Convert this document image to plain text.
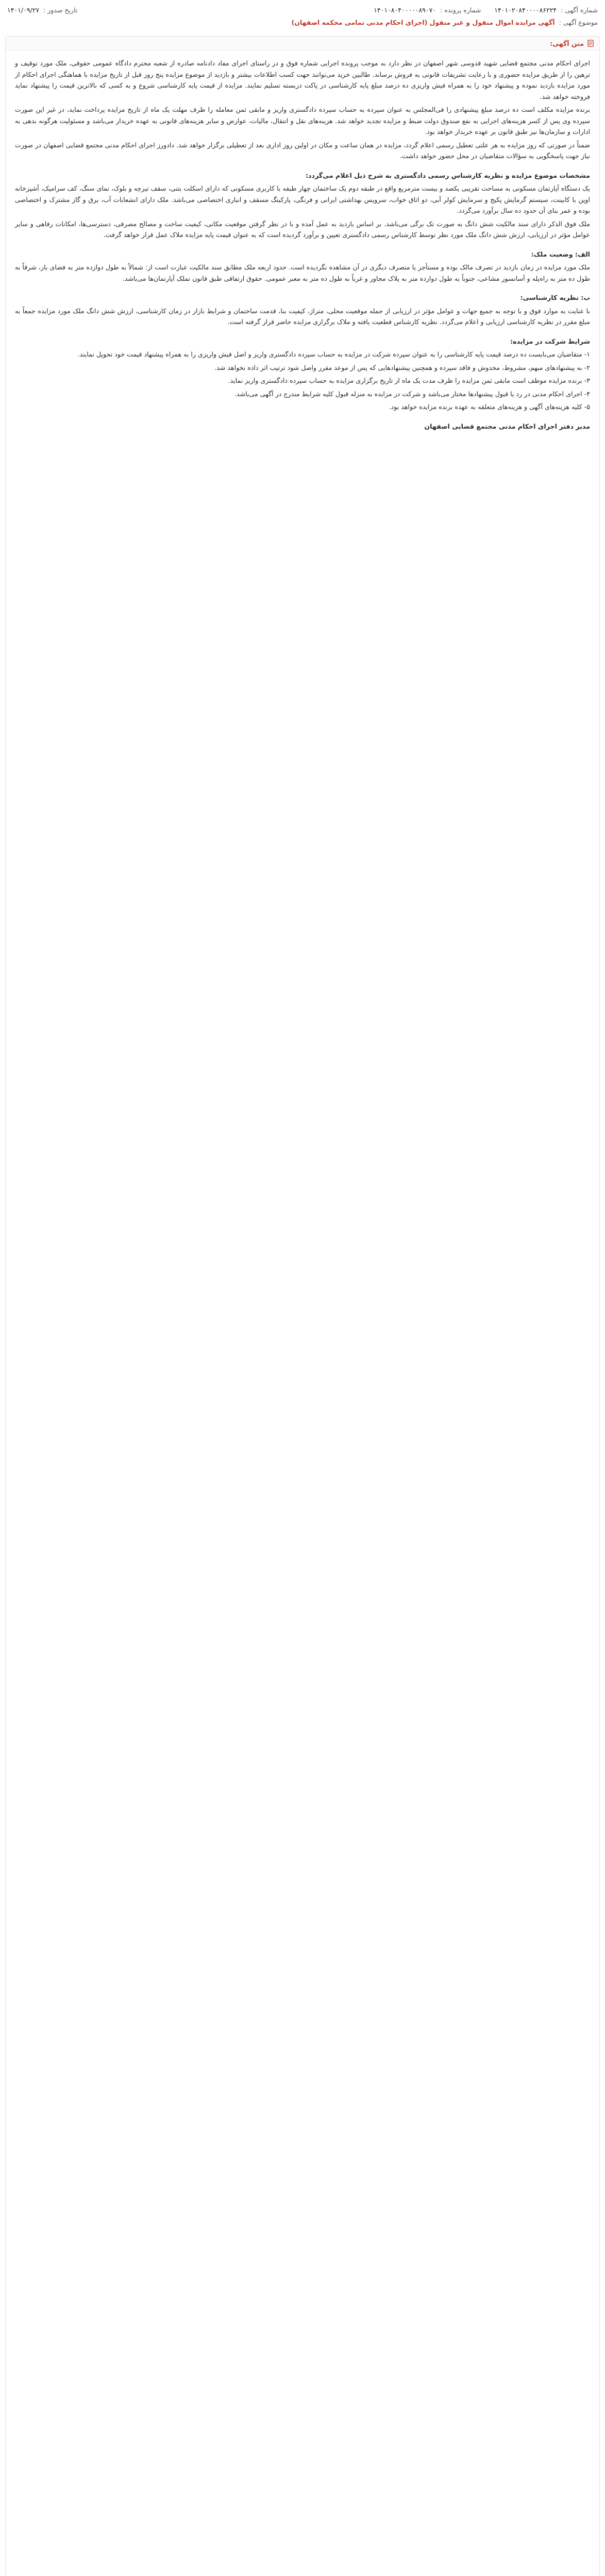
شماره آگهی : ۱۴۰۱۰۲۰۸۴۰۰۰۰۸۶۲۲۴
شماره پرونده : ۱۴۰۱۰۸۰۴۰۰۰۰۰۸۹۰۷۰
تاریخ صدور : ۱۴۰۱/۰۹/۲۷
موضوع آگهی : آگهی مزایده اموال منقول و غیر منقول (اجرای احکام مدنی تمامی محکمه اصفهان)
متن آگهی:

اجرای احکام مدنی مجتمع قضایی شهید قدوسی شهر اصفهان در نظر دارد به موجب پرونده اجرایی شماره فوق و در راستای اجرای مفاد دادنامه صادره از شعبه محترم دادگاه عمومی حقوقی، ملک مورد توقیف و ترهین را از طریق مزایده حضوری و با رعایت تشریفات قانونی به فروش برساند. طالبین خرید می‌توانند جهت کسب اطلاعات بیشتر و بازدید از موضوع مزایده پنج روز قبل از تاریخ مزایده با هماهنگی اجرای احکام از مورد مزایده بازدید نموده و پیشنهاد خود را به همراه فیش واریزی ده درصد مبلغ پایه کارشناسی در پاکت دربسته تسلیم نمایند. مزایده از قیمت پایه کارشناسی شروع و به کسی که بالاترین قیمت را پیشنهاد نماید فروخته خواهد شد.

برنده مزایده مکلف است ده درصد مبلغ پیشنهادی را فی‌المجلس به عنوان سپرده به حساب سپرده دادگستری واریز و مابقی ثمن معامله را ظرف مهلت یک ماه از تاریخ مزایده پرداخت نماید، در غیر این صورت سپرده وی پس از کسر هزینه‌های اجرایی به نفع صندوق دولت ضبط و مزایده تجدید خواهد شد. هزینه‌های نقل و انتقال، مالیات، عوارض و سایر هزینه‌های قانونی به عهده خریدار می‌باشد و مسئولیت هرگونه بدهی به ادارات و سازمان‌ها نیز طبق قانون بر عهده خریدار خواهد بود.

ضمناً در صورتی که روز مزایده به هر علتی تعطیل رسمی اعلام گردد، مزایده در همان ساعت و مکان در اولین روز اداری بعد از تعطیلی برگزار خواهد شد. دادورز اجرای احکام مدنی مجتمع قضایی اصفهان در صورت نیاز جهت پاسخگویی به سؤالات متقاضیان در محل حضور خواهد داشت.

مشخصات موضوع مزایده و نظریه کارشناس رسمی دادگستری به شرح ذیل اعلام می‌گردد:

یک دستگاه آپارتمان مسکونی به مساحت تقریبی یکصد و بیست مترمربع واقع در طبقه دوم یک ساختمان چهار طبقه با کاربری مسکونی که دارای اسکلت بتنی، سقف تیرچه و بلوک، نمای سنگ، کف سرامیک، آشپزخانه اوپن با کابینت، سیستم گرمایش پکیج و سرمایش کولر آبی، دو اتاق خواب، سرویس بهداشتی ایرانی و فرنگی، پارکینگ مسقف و انباری اختصاصی می‌باشد. ملک دارای انشعابات آب، برق و گاز مشترک و اختصاصی بوده و عمر بنای آن حدود ده سال برآورد می‌گردد.

ملک فوق الذکر دارای سند مالکیت شش دانگ به صورت تک برگی می‌باشد. بر اساس بازدید به عمل آمده و با در نظر گرفتن موقعیت مکانی، کیفیت ساخت و مصالح مصرفی، دسترسی‌ها، امکانات رفاهی و سایر عوامل مؤثر در ارزیابی، ارزش شش دانگ ملک مورد نظر توسط کارشناس رسمی دادگستری تعیین و برآورد گردیده است که به عنوان قیمت پایه مزایده ملاک عمل قرار خواهد گرفت.

الف: وضعیت ملک:

ملک مورد مزایده در زمان بازدید در تصرف مالک بوده و مستأجر یا متصرف دیگری در آن مشاهده نگردیده است. حدود اربعه ملک مطابق سند مالکیت عبارت است از: شمالاً به طول دوازده متر به فضای باز، شرقاً به طول ده متر به راه‌پله و آسانسور مشاعی، جنوباً به طول دوازده متر به پلاک مجاور و غرباً به طول ده متر به معبر عمومی. حقوق ارتفاقی طبق قانون تملک آپارتمان‌ها می‌باشد.

ب: نظریه کارشناسی:

با عنایت به موارد فوق و با توجه به جمیع جهات و عوامل مؤثر در ارزیابی از جمله موقعیت محلی، متراژ، کیفیت بنا، قدمت ساختمان و شرایط بازار در زمان کارشناسی، ارزش شش دانگ ملک مورد مزایده جمعاً به مبلغ مقرر در نظریه کارشناسی ارزیابی و اعلام می‌گردد. نظریه کارشناس قطعیت یافته و ملاک برگزاری مزایده حاضر قرار گرفته است.

شرایط شرکت در مزایده:

۱- متقاضیان می‌بایست ده درصد قیمت پایه کارشناسی را به عنوان سپرده شرکت در مزایده به حساب سپرده دادگستری واریز و اصل فیش واریزی را به همراه پیشنهاد قیمت خود تحویل نمایند.

۲- به پیشنهادهای مبهم، مشروط، مخدوش و فاقد سپرده و همچنین پیشنهادهایی که پس از موعد مقرر واصل شود ترتیب اثر داده نخواهد شد.

۳- برنده مزایده موظف است مابقی ثمن مزایده را ظرف مدت یک ماه از تاریخ برگزاری مزایده به حساب سپرده دادگستری واریز نماید.

۴- اجرای احکام مدنی در رد یا قبول پیشنهادها مختار می‌باشد و شرکت در مزایده به منزله قبول کلیه شرایط مندرج در آگهی می‌باشد.

۵- کلیه هزینه‌های آگهی و هزینه‌های متعلقه به عهده برنده مزایده خواهد بود.

مدیر دفتر اجرای احکام مدنی مجتمع قضایی اصفهان
